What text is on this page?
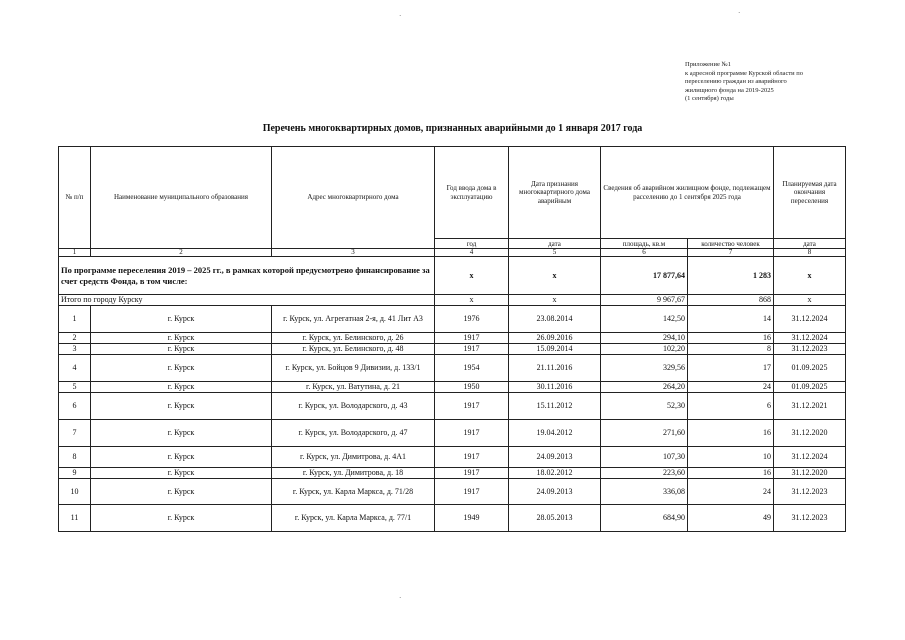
Приложение №1
к адресной программе Курской области по
переселению граждан из аварийного
жилищного фонда на 2019-2025
(1 сентября) годы
Перечень многоквартирных домов, признанных аварийными до 1 января 2017 года
№ п/п	Наименование муниципального образования	Адрес многоквартирного дома	Год ввода дома в эксплуатацию	Дата признания многоквартирного дома аварийным	Сведения об аварийном жилищном фонде, подлежащем расселению до 1 сентября 2025 года		Планируемая дата окончания переселения
			год	дата	площадь, кв.м	количество человек	дата
1	2	3	4	5	6	7	8
По программе переселения 2019 – 2025 гг., в рамках которой предусмотрено финансирование за счет средств Фонда, в том числе:			x	x	17 877,64	1 283	x
Итого по городу Курску			x	x	9 967,67	868	x
1	г. Курск	г. Курск, ул. Агрегатная 2-я, д. 41 Лит А3	1976	23.08.2014	142,50	14	31.12.2024
2	г. Курск	г. Курск, ул. Белинского, д. 26	1917	26.09.2016	294,10	16	31.12.2024
3	г. Курск	г. Курск, ул. Белинского, д. 48	1917	15.09.2014	102,20	8	31.12.2023
4	г. Курск	г. Курск, ул. Бойцов 9 Дивизии, д. 133/1	1954	21.11.2016	329,56	17	01.09.2025
5	г. Курск	г. Курск, ул. Ватутина, д. 21	1950	30.11.2016	264,20	24	01.09.2025
6	г. Курск	г. Курск, ул. Володарского, д. 43	1917	15.11.2012	52,30	6	31.12.2021
7	г. Курск	г. Курск, ул. Володарского, д. 47	1917	19.04.2012	271,60	16	31.12.2020
8	г. Курск	г. Курск, ул. Димитрова, д. 4А1	1917	24.09.2013	107,30	10	31.12.2024
9	г. Курск	г. Курск, ул. Димитрова, д. 18	1917	18.02.2012	223,60	16	31.12.2020
10	г. Курск	г. Курск, ул. Карла Маркса, д. 71/28	1917	24.09.2013	336,08	24	31.12.2023
11	г. Курск	г. Курск, ул. Карла Маркса, д. 77/1	1949	28.05.2013	684,90	49	31.12.2023
·	·
·
